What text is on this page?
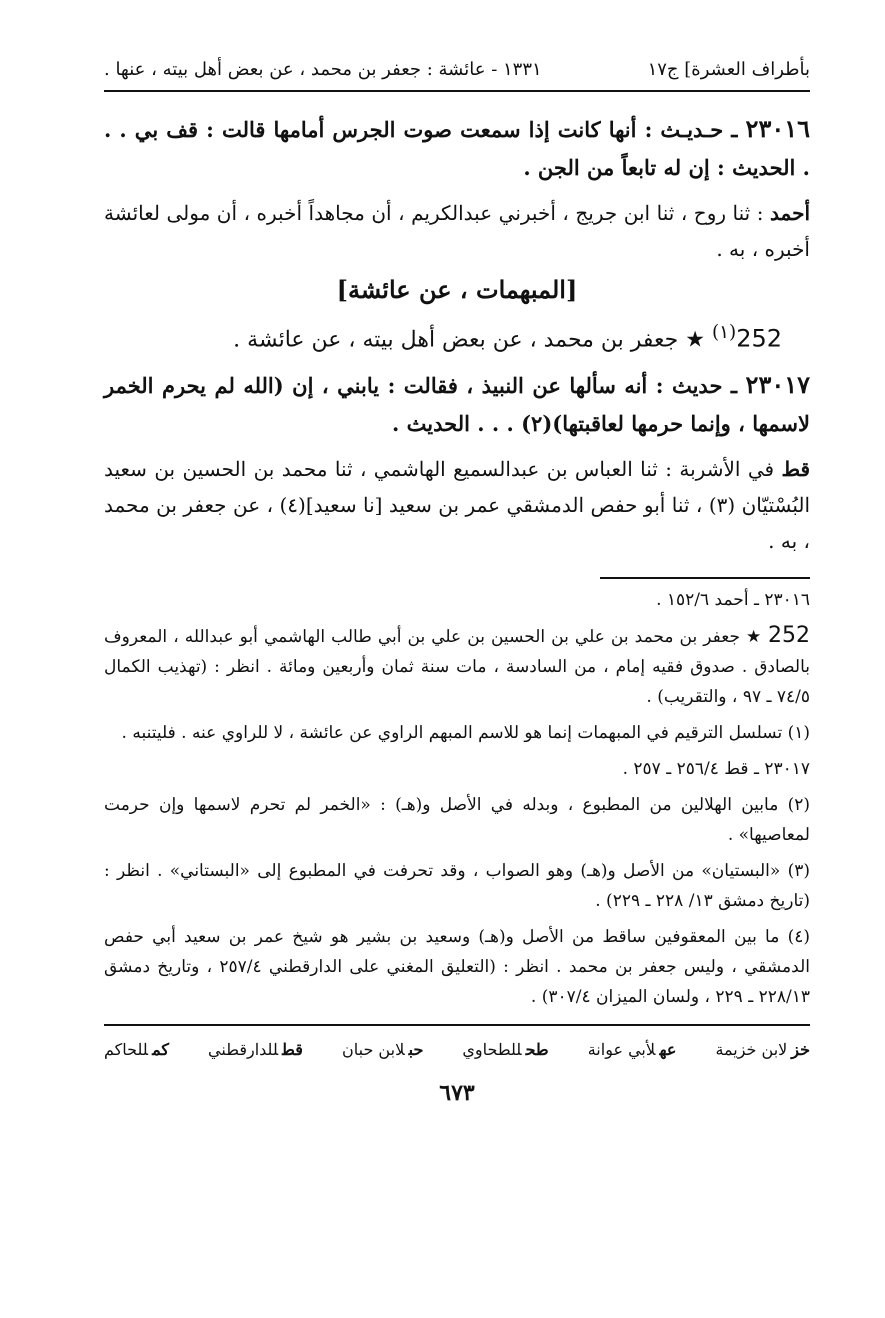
بأطراف العشرة] ج١٧
١٣٣١ - عائشة : جعفر بن محمد ، عن بعض أهل بيته ، عنها .
٢٣٠١٦ ـ حـديـث : أنها كانت إذا سمعت صوت الجرس أمامها قالت : قف بي . . . الحديث : إن له تابعاً من الجن .
أحمد : ثنا روح ، ثنا ابن جريج ، أخبرني عبدالكريم ، أن مجاهداً أخبره ، أن مولى لعائشة أخبره ، به .
[المبهمات ، عن عائشة]
252$^{(١)}$ ★ جعفر بن محمد ، عن بعض أهل بيته ، عن عائشة .
٢٣٠١٧ ـ حديث : أنه سألها عن النبيذ ، فقالت : يابني ، إن (الله لم يحرم الخمر لاسمها ، وإنما حرمها لعاقبتها)(٢) . . . الحديث .
قط في الأشربة : ثنا العباس بن عبدالسميع الهاشمي ، ثنا محمد بن الحسين بن سعيد البُسْتيّان (٣) ، ثنا أبو حفص الدمشقي عمر بن سعيد [نا سعيد](٤) ، عن جعفر بن محمد ، به .
٢٣٠١٦ ـ أحمد ١٥٢/٦ .
252 ★ جعفر بن محمد بن علي بن الحسين بن علي بن أبي طالب الهاشمي أبو عبدالله ، المعروف بالصادق . صدوق فقيه إمام ، من السادسة ، مات سنة ثمان وأربعين ومائة . انظر : (تهذيب الكمال ٧٤/٥ ـ ٩٧ ، والتقريب) .
(١) تسلسل الترقيم في المبهمات إنما هو للاسم المبهم الراوي عن عائشة ، لا للراوي عنه . فليتنبه .
٢٣٠١٧ ـ قط ٢٥٦/٤ ـ ٢٥٧ .
(٢) مابين الهلالين من المطبوع ، وبدله في الأصل و(هـ) : «الخمر لم تحرم لاسمها وإن حرمت لمعاصيها» .
(٣) «البستيان» من الأصل و(هـ) وهو الصواب ، وقد تحرفت في المطبوع إلى «البستاني» . انظر : (تاريخ دمشق ١٣/ ٢٢٨ ـ ٢٢٩) .
(٤) ما بين المعقوفين ساقط من الأصل و(هـ) وسعيد بن بشير هو شيخ عمر بن سعيد أبي حفص الدمشقي ، وليس جعفر بن محمد . انظر : (التعليق المغني على الدارقطني ٢٥٧/٤ ، وتاريخ دمشق ٢٢٨/١٣ ـ ٢٢٩ ، ولسان الميزان ٣٠٧/٤) .
خزلابن خزيمة
عهلأبي عوانة
طحللطحاوي
حبلابن حبان
قطللدارقطني
كمللحاكم
٦٧٣
